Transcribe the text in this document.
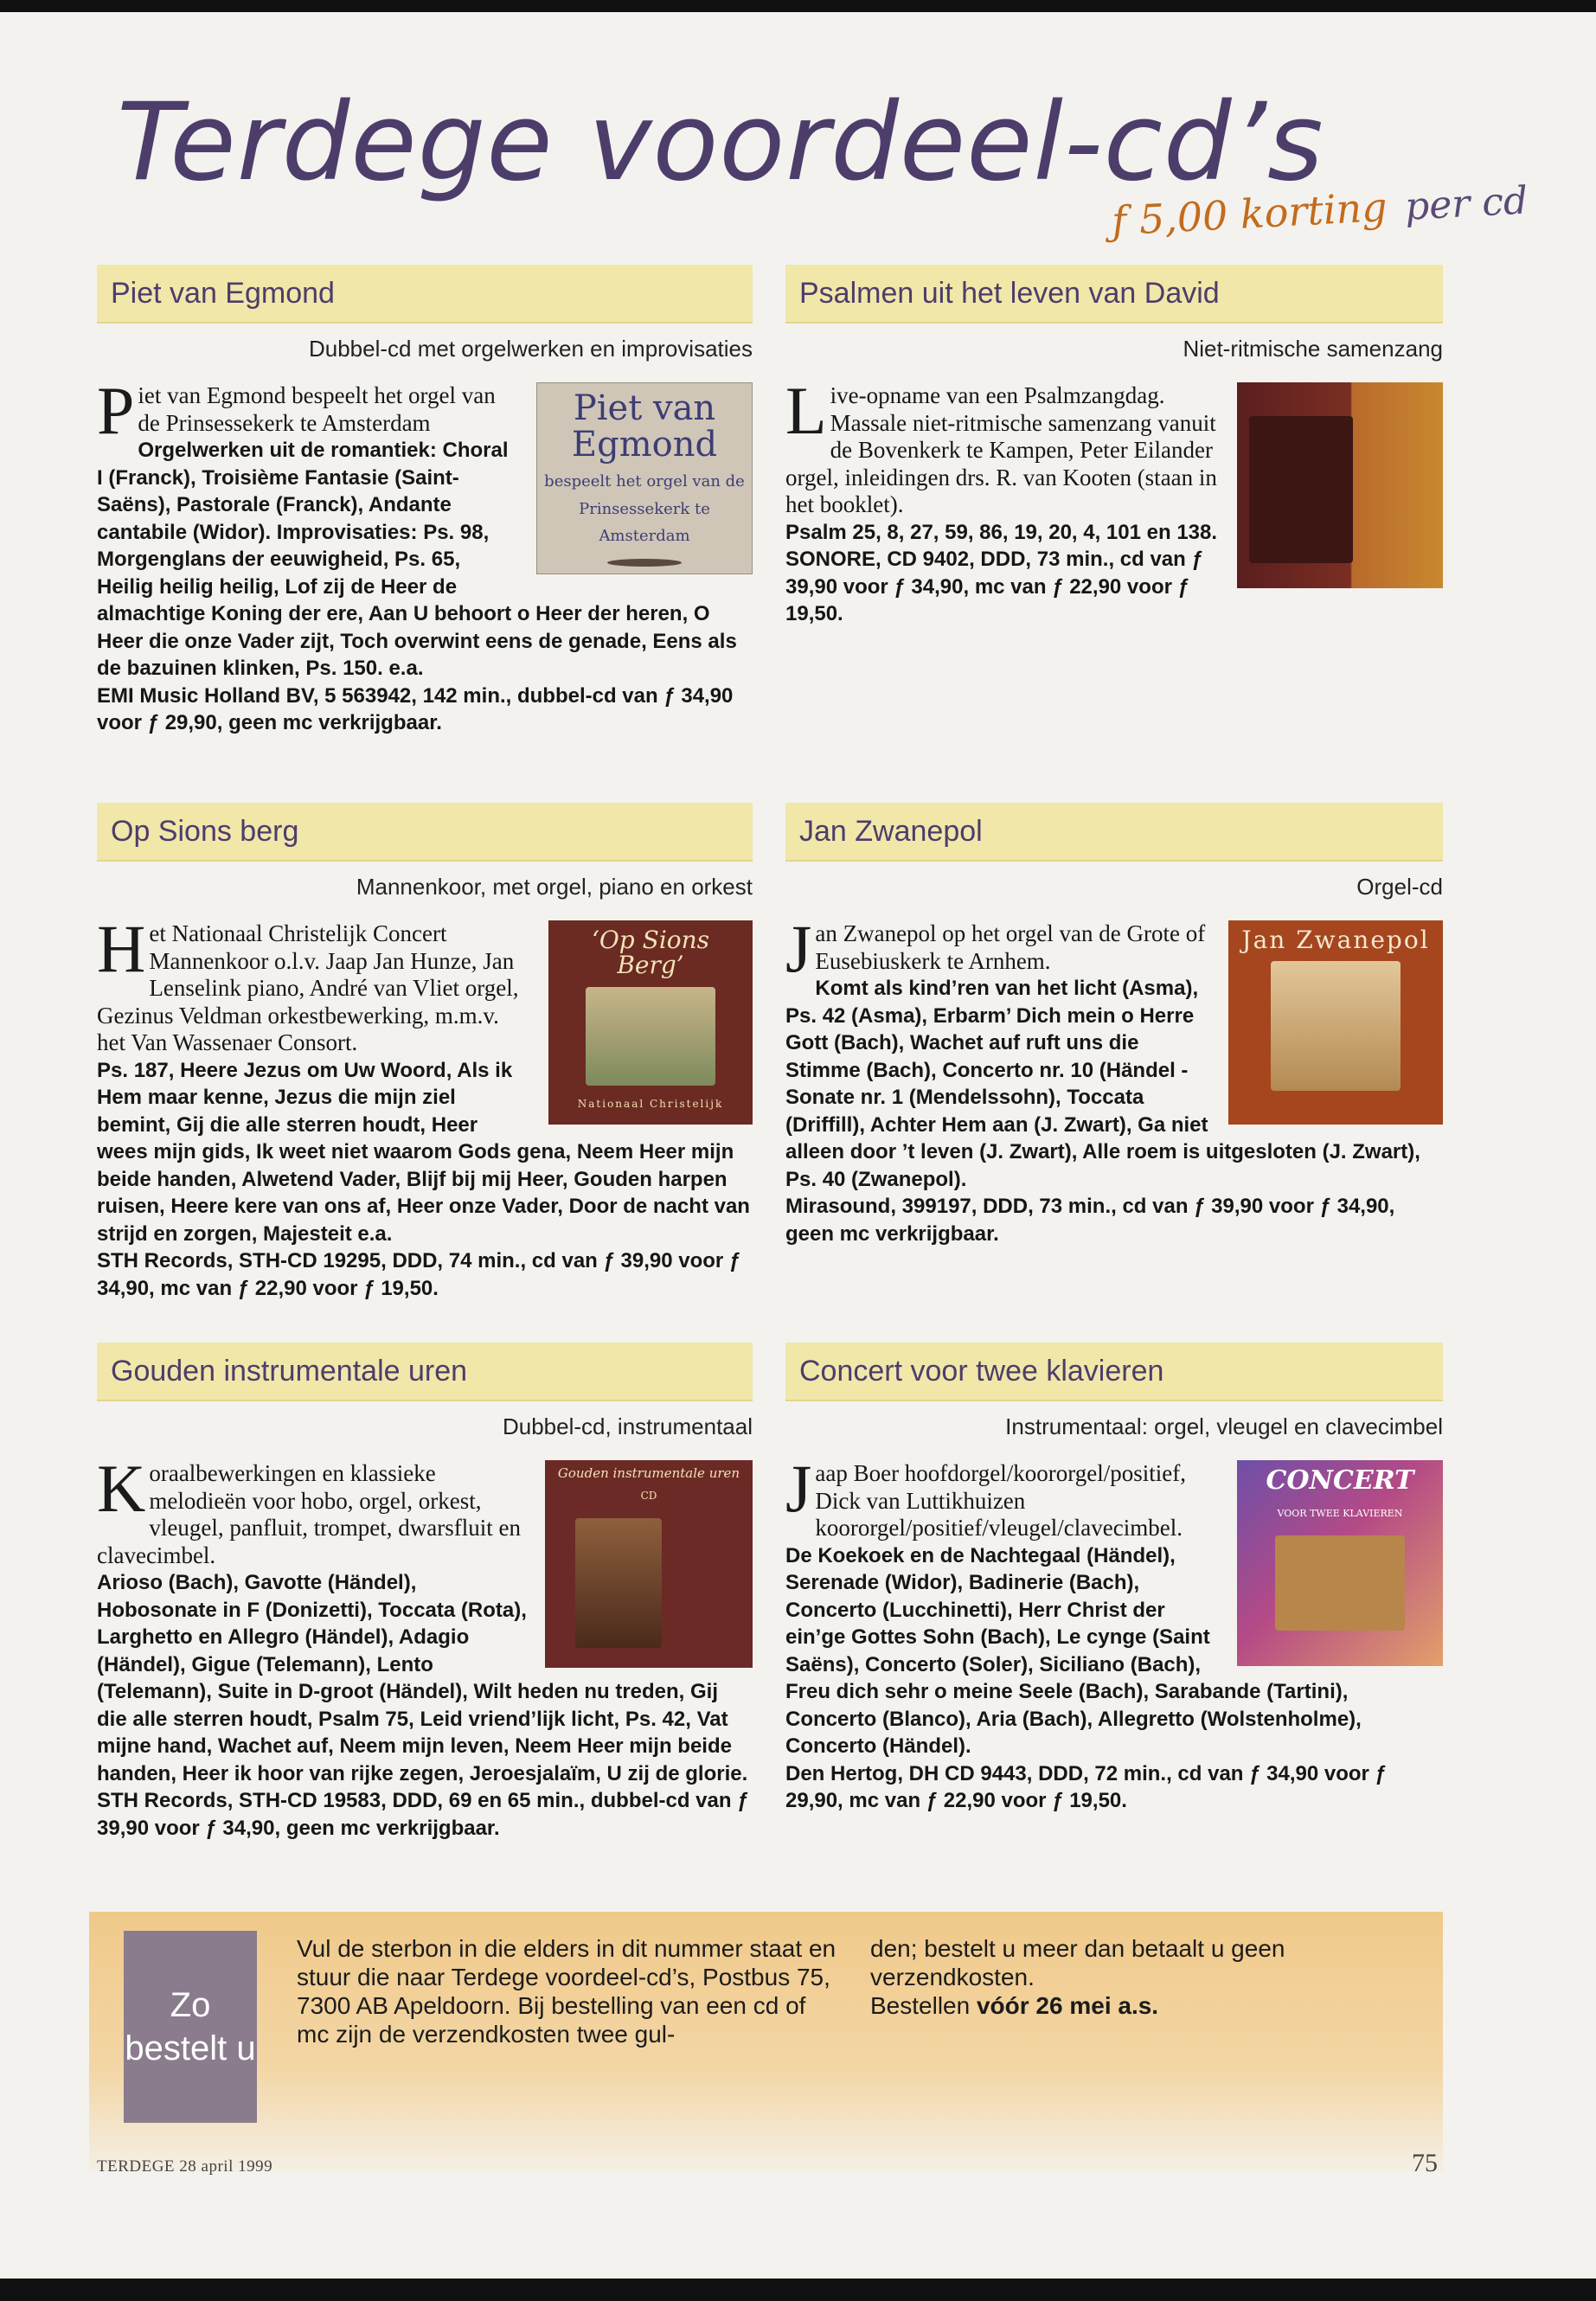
Terdege voordeel-cd’s
ƒ 5,00 korting per cd
Piet van Egmond
Dubbel-cd met orgelwerken en improvisaties
Piet van Egmond
bespeelt het orgel van de Prinsessekerk te Amsterdam
P iet van Egmond bespeelt het orgel van de Prinsessekerk te Amsterdam
Orgelwerken uit de romantiek: Choral I (Franck), Troisième Fantasie (Saint-Saëns), Pastorale (Franck), Andante cantabile (Widor). Improvisaties: Ps. 98, Morgenglans der eeuwigheid, Ps. 65, Heilig heilig heilig, Lof zij de Heer de almachtige Koning der ere, Aan U behoort o Heer der heren, O Heer die onze Vader zijt, Toch overwint eens de genade, Eens als de bazuinen klinken, Ps. 150. e.a.
EMI Music Holland BV, 5 563942, 142 min., dubbel-cd van ƒ 34,90 voor ƒ 29,90, geen mc verkrijgbaar.
Psalmen uit het leven van David
Niet-ritmische samenzang
L ive-opname van een Psalmzangdag. Massale niet-ritmische samenzang vanuit de Bovenkerk te Kampen, Peter Eilander orgel, inleidingen drs. R. van Kooten (staan in het booklet).
Psalm 25, 8, 27, 59, 86, 19, 20, 4, 101 en 138.
SONORE, CD 9402, DDD, 73 min., cd van ƒ 39,90 voor ƒ 34,90, mc van ƒ 22,90 voor ƒ 19,50.
Op Sions berg
Mannenkoor, met orgel, piano en orkest
‘Op Sions Berg’
Nationaal Christelijk
H et Nationaal Christelijk Concert Mannenkoor o.l.v. Jaap Jan Hunze, Jan Lenselink piano, André van Vliet orgel, Gezinus Veldman orkestbewerking, m.m.v. het Van Wassenaer Consort.
Ps. 187, Heere Jezus om Uw Woord, Als ik Hem maar kenne, Jezus die mijn ziel bemint, Gij die alle sterren houdt, Heer wees mijn gids, Ik weet niet waarom Gods gena, Neem Heer mijn beide handen, Alwetend Vader, Blijf bij mij Heer, Gouden harpen ruisen, Heere kere van ons af, Heer onze Vader, Door de nacht van strijd en zorgen, Majesteit e.a.
STH Records, STH-CD 19295, DDD, 74 min., cd van ƒ 39,90 voor ƒ 34,90, mc van ƒ 22,90 voor ƒ 19,50.
Jan Zwanepol
Orgel-cd
Jan Zwanepol
J an Zwanepol op het orgel van de Grote of Eusebiuskerk te Arnhem.
Komt als kind’ren van het licht (Asma), Ps. 42 (Asma), Erbarm’ Dich mein o Herre Gott (Bach), Wachet auf ruft uns die Stimme (Bach), Concerto nr. 10 (Händel - Sonate nr. 1 (Mendelssohn), Toccata (Driffill), Achter Hem aan (J. Zwart), Ga niet alleen door ’t leven (J. Zwart), Alle roem is uitgesloten (J. Zwart), Ps. 40 (Zwanepol).
Mirasound, 399197, DDD, 73 min., cd van ƒ 39,90 voor ƒ 34,90, geen mc verkrijgbaar.
Gouden instrumentale uren
Dubbel-cd, instrumentaal
Gouden instrumentale uren
CD
K oraalbewerkingen en klassieke melodieën voor hobo, orgel, orkest, vleugel, panfluit, trompet, dwarsfluit en clavecimbel.
Arioso (Bach), Gavotte (Händel), Hobosonate in F (Donizetti), Toccata (Rota), Larghetto en Allegro (Händel), Adagio (Händel), Gigue (Telemann), Lento (Telemann), Suite in D-groot (Händel), Wilt heden nu treden, Gij die alle sterren houdt, Psalm 75, Leid vriend’lijk licht, Ps. 42, Vat mijne hand, Wachet auf, Neem mijn leven, Neem Heer mijn beide handen, Heer ik hoor van rijke zegen, Jeroesjalaïm, U zij de glorie.
STH Records, STH-CD 19583, DDD, 69 en 65 min., dubbel-cd van ƒ 39,90 voor ƒ 34,90, geen mc verkrijgbaar.
Concert voor twee klavieren
Instrumentaal: orgel, vleugel en clavecimbel
CONCERT
VOOR TWEE KLAVIEREN
J aap Boer hoofdorgel/koororgel/positief, Dick van Luttikhuizen koororgel/positief/vleugel/clavecimbel.
De Koekoek en de Nachtegaal (Händel), Serenade (Widor), Badinerie (Bach), Concerto (Lucchinetti), Herr Christ der ein’ge Gottes Sohn (Bach), Le cynge (Saint Saëns), Concerto (Soler), Siciliano (Bach), Freu dich sehr o meine Seele (Bach), Sarabande (Tartini), Concerto (Blanco), Aria (Bach), Allegretto (Wolstenholme), Concerto (Händel).
Den Hertog, DH CD 9443, DDD, 72 min., cd van ƒ 34,90 voor ƒ 29,90, mc van ƒ 22,90 voor ƒ 19,50.
Zo bestelt u
Vul de sterbon in die elders in dit nummer staat en stuur die naar Terdege voordeel-cd’s, Postbus 75, 7300 AB Apeldoorn. Bij bestelling van een cd of mc zijn de verzendkosten twee gul-
den; bestelt u meer dan betaalt u geen verzendkosten.
Bestellen vóór 26 mei a.s.
TERDEGE 28 april 1999	75
